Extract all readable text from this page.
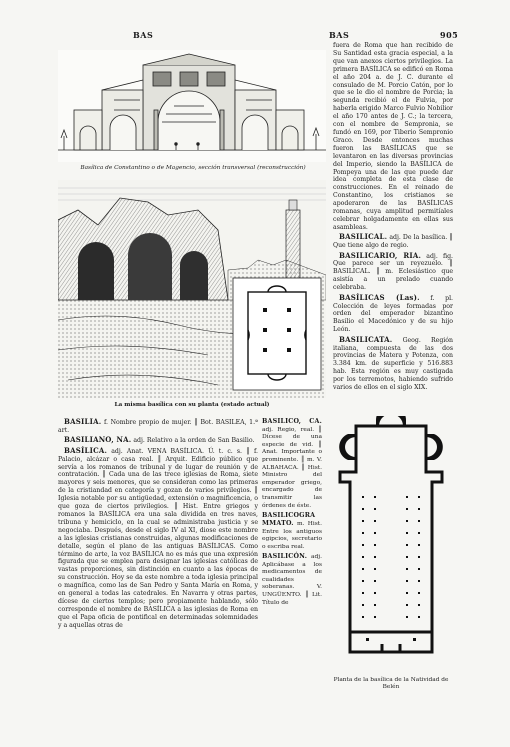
BAS	BAS	905
Basílica de Constantino o de Magencio, sección transversal (reconstrucción)
La misma basílica con su planta (estado actual)

fuera de Roma que han recibido de Su Santidad esta gracia especial, a la que van anexos ciertos privilegios. La primera BASÍLICA se edificó en Roma el año 204 a. de J. C. durante el consulado de M. Porcio Catón, por lo que se le dio el nombre de Porcia; la segunda recibió el de Fulvia, por haberla erigido Marco Fulvio Nobilior el año 170 antes de J. C.; la tercera, con el nombre de Sempronia, se fundó en 169, por Tiberio Sempronio Graco. Desde entonces muchas fueron las BASÍLICAS que se levantaron en las diversas provincias del Imperio, siendo la BASÍLICA de Pompeya una de las que puede dar idea completa de esta clase de construcciones. En el reinado de Constantino, los cristianos se apoderaron de las BASÍLICAS romanas, cuya amplitud permitíales celebrar holgadamente en ellas sus asambleas.

BASILICAL. adj. De la basílica. ║ Que tiene algo de regio.

BASILICARIO, RIA. adj. fig. Que parece ser un reyezuelo. ║ BASILICAL. ║ m. Eclesiástico que asistía a un prelado cuando celebraba.

BASÍLICAS (Las). f. pl. Colección de leyes formadas por orden del emperador bizantino Basilio el Macedónico y de su hijo León.

BASILICATA. Geog. Región italiana, compuesta de las dos provincias de Matera y Potenza, con 3.384 km. de superficie y 516.883 hab. Esta región es muy castigada por los terremotos, habiendo sufrido varios de ellos en el siglo XIX.

BASILIA. f. Nombre propio de mujer. ║ Bot. BASILEA, 1.ª art.

BASILIANO, NA. adj. Relativo a la orden de San Basilio.

BASÍLICA. adj. Anat. VENA BASÍLICA. Ú. t. c. s. ║ f. Palacio, alcázar o casa real. ║ Arquit. Edificio público que servía a los romanos de tribunal y de lugar de reunión y de contratación. ║ Cada una de las trece iglesias de Roma, siete mayores y seis menores, que se consideran como las primeras de la cristiandad en categoría y gozan de varios privilegios. ║ Iglesia notable por su antigüedad, extensión o magnificencia, o que goza de ciertos privilegios. ║ Hist. Entre griegos y romanos la BASÍLICA era una sala dividida en tres naves, tribuna y hemiciclo, en la cual se administraba justicia y se negociaba. Después, desde el siglo IV al XI, diose este nombre a las iglesias cristianas construidas, algunas modificaciones de detalle, según el plano de las antiguas BASÍLICAS. Como término de arte, la voz BASÍLICA no es más que una expresión figurada que se emplea para designar las iglesias católicas de vastas proporciones, sin distinción en cuanto a las épocas de su construcción. Hoy se da este nombre a toda iglesia principal o magnífica, como las de San Pedro y Santa María en Roma, y en general a todas las catedrales. En Navarra y otras partes, dícese de ciertos templos; pero propiamente hablando, sólo corresponde el nombre de BASÍLICA a las iglesias de Roma en que el Papa oficia de pontifical en determinadas solemnidades y a aquellas otras de

BASILICO, CA. adj. Regio, real. ║ Dícese de una especie de vid. ║ Anat. Importante o prominente. ║ m. V. ALBAHACA. ║ Hist. Ministro del emperador griego, encargado de transmitir las órdenes de éste.

BASILICOGRAMMATO. m. Hist. Entre los antiguos egipcios, secretario o escriba real.

BASILICÓN. adj. Aplicábase a los medicamentos de cualidades soberanas. V. UNGÜENTO. ║ Lit. Título de

Planta de la basílica de la Natividad de Belén
